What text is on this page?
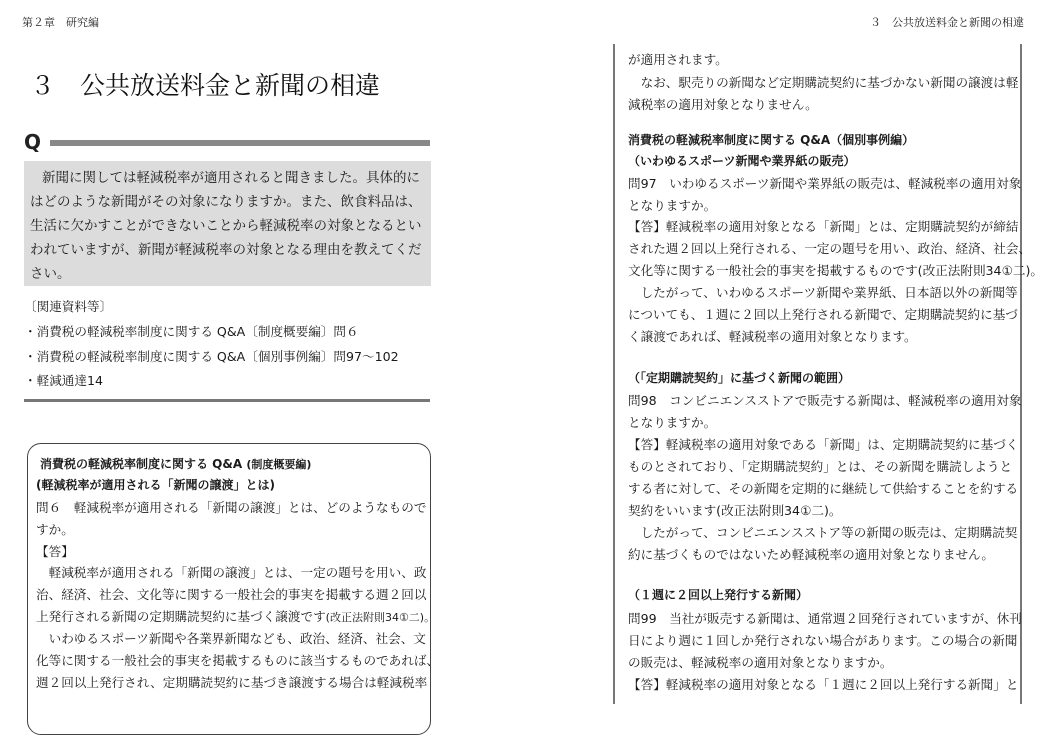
第２章　研究編
３　公共放送料金と新聞の相違
Q
新聞に関しては軽減税率が適用されると聞きました。具体的に
はどのような新聞がその対象になりますか。また、飲食料品は、
生活に欠かすことができないことから軽減税率の対象となるとい
われていますが、新聞が軽減税率の対象となる理由を教えてくだ
さい。
〔関連資料等〕
・消費税の軽減税率制度に関する Q&A〔制度概要編〕問６
・消費税の軽減税率制度に関する Q&A〔個別事例編〕問97～102
・軽減通達14
消費税の軽減税率制度に関する Q&A (制度概要編)
(軽減税率が適用される「新聞の譲渡」とは)
問６　軽減税率が適用される「新聞の譲渡」とは、どのようなもので
すか。
【答】
　軽減税率が適用される「新聞の譲渡」とは、一定の題号を用い、政
治、経済、社会、文化等に関する一般社会的事実を掲載する週２回以
上発行される新聞の定期購読契約に基づく譲渡です(改正法附則34①二)。
　いわゆるスポーツ新聞や各業界新聞なども、政治、経済、社会、文
化等に関する一般社会的事実を掲載するものに該当するものであれば、
週２回以上発行され、定期購読契約に基づき譲渡する場合は軽減税率
３　公共放送料金と新聞の相違
が適用されます。
　なお、駅売りの新聞など定期購読契約に基づかない新聞の譲渡は軽
減税率の適用対象となりません。
消費税の軽減税率制度に関する Q&A（個別事例編）
（いわゆるスポーツ新聞や業界紙の販売）
問97　いわゆるスポーツ新聞や業界紙の販売は、軽減税率の適用対象
となりますか。
【答】軽減税率の適用対象となる「新聞」とは、定期購読契約が締結
された週２回以上発行される、一定の題号を用い、政治、経済、社会、
文化等に関する一般社会的事実を掲載するものです(改正法附則34①二)。
　したがって、いわゆるスポーツ新聞や業界紙、日本語以外の新聞等
についても、１週に２回以上発行される新聞で、定期購読契約に基づ
く譲渡であれば、軽減税率の適用対象となります。
（「定期購読契約」に基づく新聞の範囲）
問98　コンビニエンスストアで販売する新聞は、軽減税率の適用対象
となりますか。
【答】軽減税率の適用対象である「新聞」は、定期購読契約に基づく
ものとされており、「定期購読契約」とは、その新聞を購読しようと
する者に対して、その新聞を定期的に継続して供給することを約する
契約をいいます(改正法附則34①二)。
　したがって、コンビニエンスストア等の新聞の販売は、定期購読契
約に基づくものではないため軽減税率の適用対象となりません。
（１週に２回以上発行する新聞）
問99　当社が販売する新聞は、通常週２回発行されていますが、休刊
日により週に１回しか発行されない場合があります。この場合の新聞
の販売は、軽減税率の適用対象となりますか。
【答】軽減税率の適用対象となる「１週に２回以上発行する新聞」と
